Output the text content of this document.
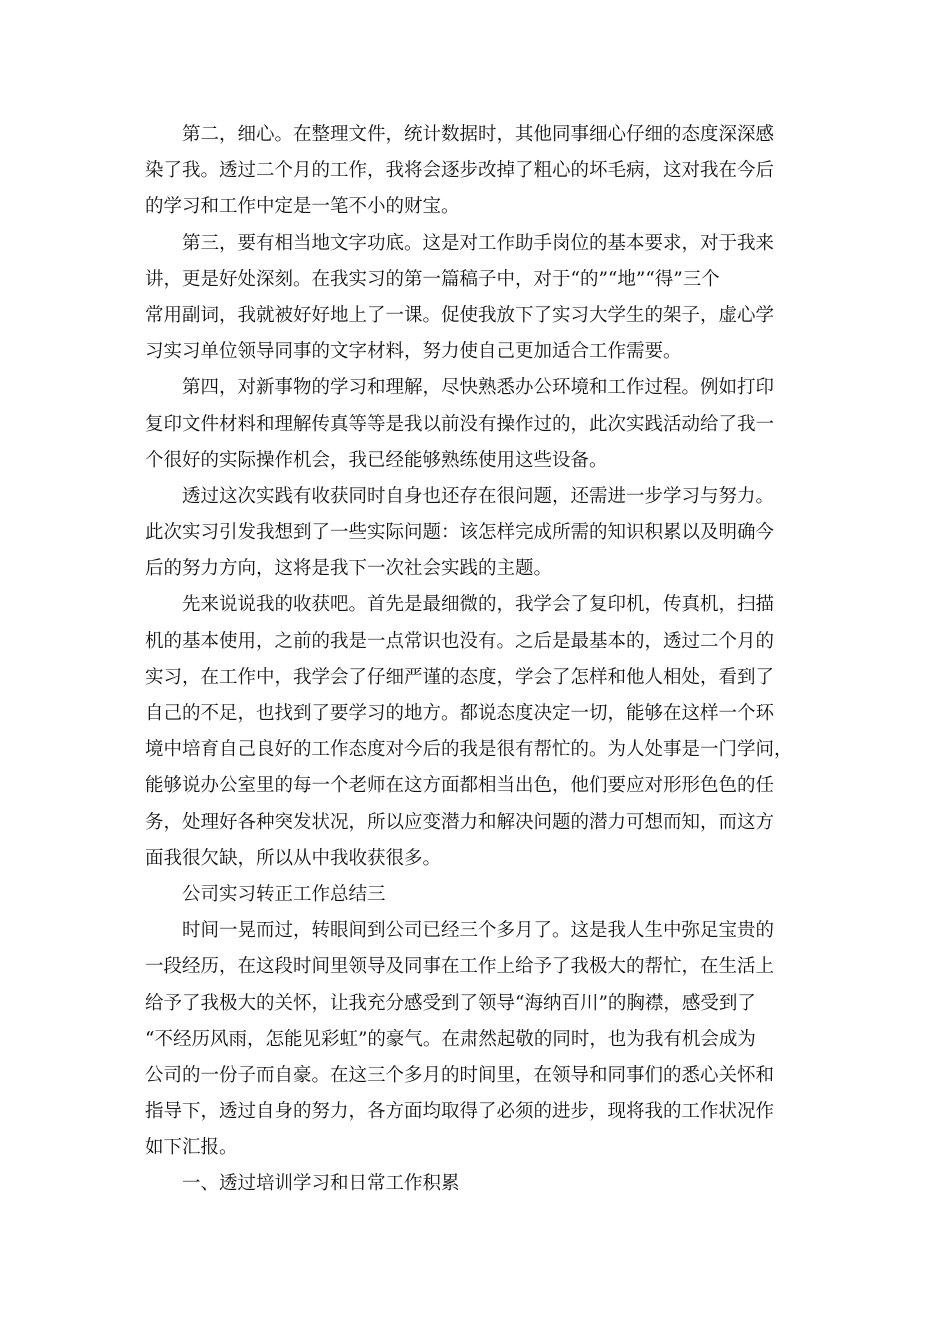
第二，细心。在整理文件，统计数据时，其他同事细心仔细的态度深深感
染了我。透过二个月的工作，我将会逐步改掉了粗心的坏毛病，这对我在今后
的学习和工作中定是一笔不小的财宝。
第三，要有相当地文字功底。这是对工作助手岗位的基本要求，对于我来
讲，更是好处深刻。在我实习的第一篇稿子中，对于“的”“地”“得”三个
常用副词，我就被好好地上了一课。促使我放下了实习大学生的架子，虚心学
习实习单位领导同事的文字材料，努力使自己更加适合工作需要。
第四，对新事物的学习和理解，尽快熟悉办公环境和工作过程。例如打印
复印文件材料和理解传真等等是我以前没有操作过的，此次实践活动给了我一
个很好的实际操作机会，我已经能够熟练使用这些设备。
透过这次实践有收获同时自身也还存在很问题，还需进一步学习与努力。
此次实习引发我想到了一些实际问题：该怎样完成所需的知识积累以及明确今
后的努力方向，这将是我下一次社会实践的主题。
先来说说我的收获吧。首先是最细微的，我学会了复印机，传真机，扫描
机的基本使用，之前的我是一点常识也没有。之后是最基本的，透过二个月的
实习，在工作中，我学会了仔细严谨的态度，学会了怎样和他人相处，看到了
自己的不足，也找到了要学习的地方。都说态度决定一切，能够在这样一个环
境中培育自己良好的工作态度对今后的我是很有帮忙的。为人处事是一门学问，
能够说办公室里的每一个老师在这方面都相当出色，他们要应对形形色色的任
务，处理好各种突发状况，所以应变潜力和解决问题的潜力可想而知，而这方
面我很欠缺，所以从中我收获很多。
公司实习转正工作总结三
时间一晃而过，转眼间到公司已经三个多月了。这是我人生中弥足宝贵的
一段经历，在这段时间里领导及同事在工作上给予了我极大的帮忙，在生活上
给予了我极大的关怀，让我充分感受到了领导“海纳百川”的胸襟，感受到了
“不经历风雨，怎能见彩虹”的豪气。在肃然起敬的同时，也为我有机会成为
公司的一份子而自豪。在这三个多月的时间里，在领导和同事们的悉心关怀和
指导下，透过自身的努力，各方面均取得了必须的进步，现将我的工作状况作
如下汇报。
一、透过培训学习和日常工作积累
